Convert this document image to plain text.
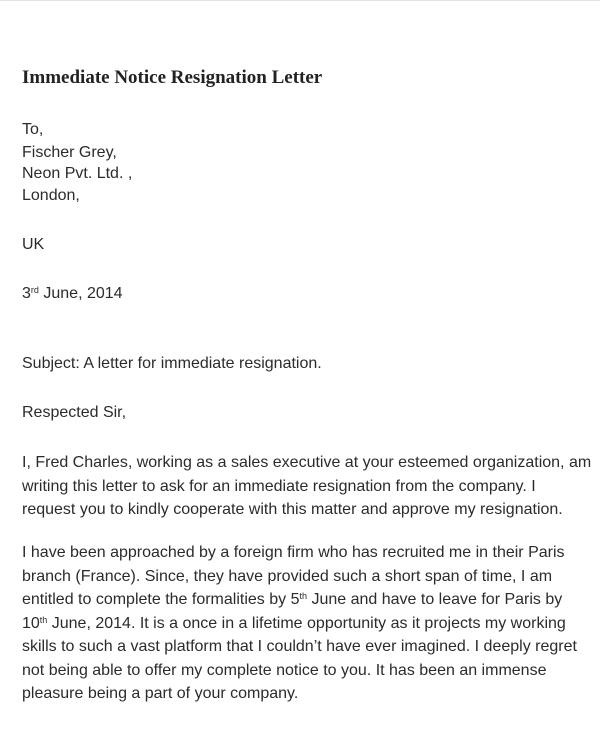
Immediate Notice Resignation Letter
To,
Fischer Grey,
Neon Pvt. Ltd. ,
London,
UK
3rd June, 2014
Subject: A letter for immediate resignation.
Respected Sir,
I, Fred Charles, working as a sales executive at your esteemed organization, am
writing this letter to ask for an immediate resignation from the company. I
request you to kindly cooperate with this matter and approve my resignation.
I have been approached by a foreign firm who has recruited me in their Paris
branch (France). Since, they have provided such a short span of time, I am
entitled to complete the formalities by 5th June and have to leave for Paris by
10th June, 2014. It is a once in a lifetime opportunity as it projects my working
skills to such a vast platform that I couldn’t have ever imagined. I deeply regret
not being able to offer my complete notice to you. It has been an immense
pleasure being a part of your company.
